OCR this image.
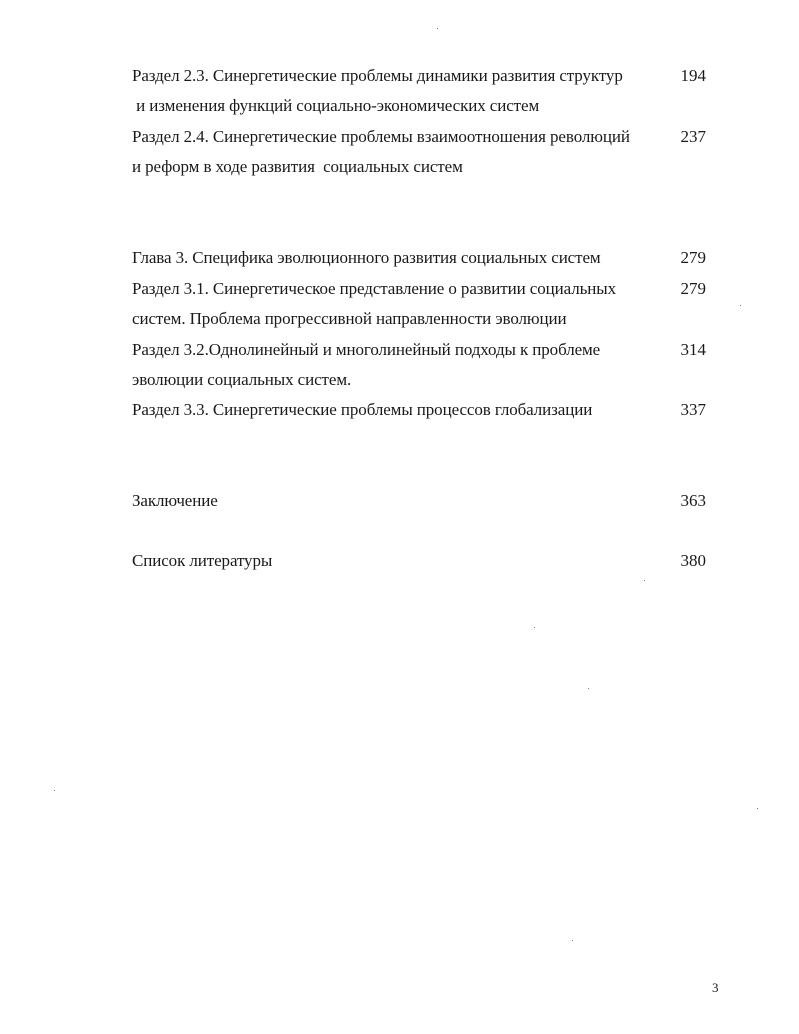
Раздел 2.3. Синергетические проблемы динамики развития структур	194
и изменения функций социально-экономических систем
Раздел 2.4. Синергетические проблемы взаимоотношения революций	237
и реформ в ходе развития  социальных систем
Глава 3. Специфика эволюционного развития социальных систем	279
Раздел 3.1. Синергетическое представление о развитии социальных	279
систем. Проблема прогрессивной направленности эволюции
Раздел 3.2.Однолинейный и многолинейный подходы к проблеме	314
эволюции социальных систем.
Раздел 3.3. Синергетические проблемы процессов глобализации	337
Заключение	363
Список литературы	380
3
